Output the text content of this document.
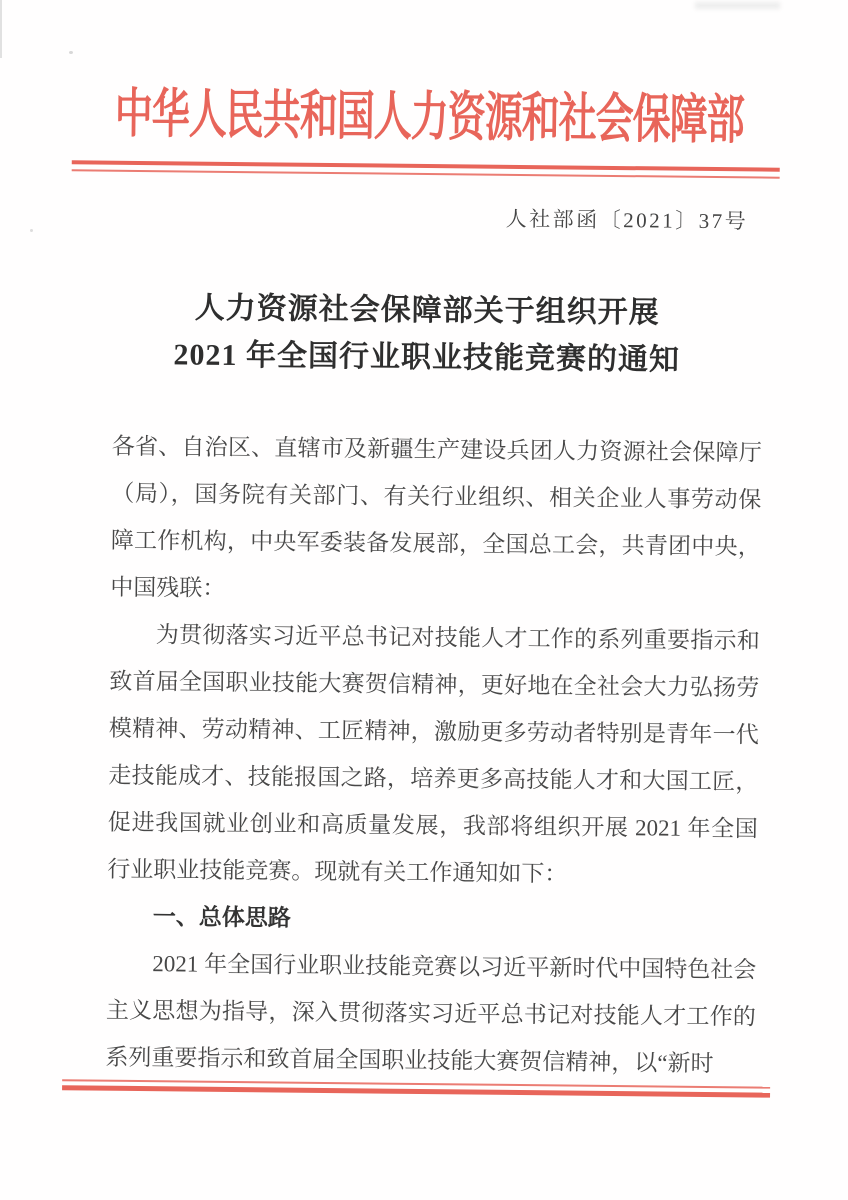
中华人民共和国人力资源和社会保障部
人社部函〔2021〕37号
人力资源社会保障部关于组织开展
2021 年全国行业职业技能竞赛的通知

各省、自治区、直辖市及新疆生产建设兵团人力资源社会保障厅（局），国务院有关部门、有关行业组织、相关企业人事劳动保障工作机构，中央军委装备发展部，全国总工会，共青团中央，中国残联：

为贯彻落实习近平总书记对技能人才工作的系列重要指示和致首届全国职业技能大赛贺信精神，更好地在全社会大力弘扬劳模精神、劳动精神、工匠精神，激励更多劳动者特别是青年一代走技能成才、技能报国之路，培养更多高技能人才和大国工匠，促进我国就业创业和高质量发展，我部将组织开展 2021 年全国行业职业技能竞赛。现就有关工作通知如下：

一、总体思路

2021 年全国行业职业技能竞赛以习近平新时代中国特色社会主义思想为指导，深入贯彻落实习近平总书记对技能人才工作的系列重要指示和致首届全国职业技能大赛贺信精神，以“新时
